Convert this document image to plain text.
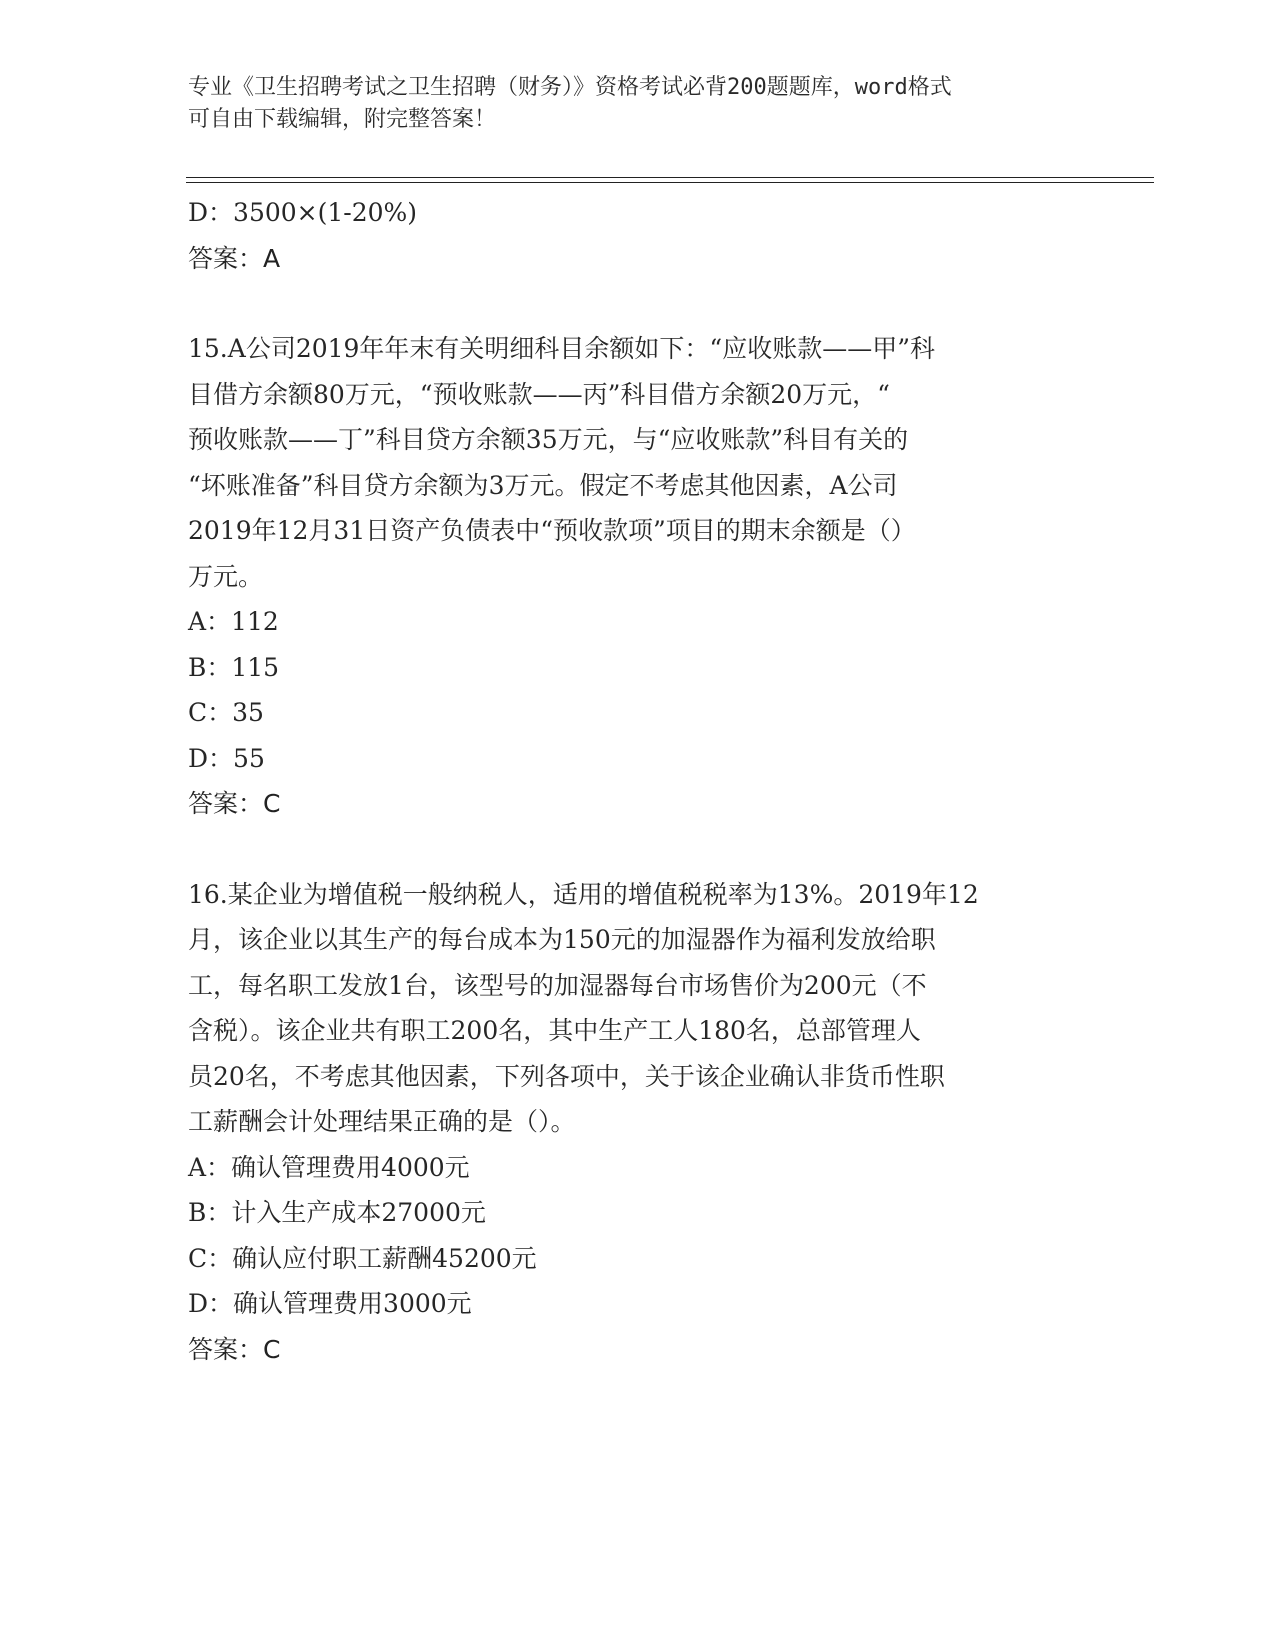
专业《卫生招聘考试之卫生招聘（财务）》资格考试必背200题题库，word格式
可自由下载编辑，附完整答案！
D：3500×(1-20%)
答案：A
15.A公司2019年年末有关明细科目余额如下：“应收账款——甲”科
目借方余额80万元，“预收账款——丙”科目借方余额20万元，“
预收账款——丁”科目贷方余额35万元，与“应收账款”科目有关的
“坏账准备”科目贷方余额为3万元。假定不考虑其他因素，A公司
2019年12月31日资产负债表中“预收款项”项目的期末余额是（）
万元。
A：112
B：115
C：35
D：55
答案：C
16.某企业为增值税一般纳税人，适用的增值税税率为13%。2019年12
月，该企业以其生产的每台成本为150元的加湿器作为福利发放给职
工，每名职工发放1台，该型号的加湿器每台市场售价为200元（不
含税）。该企业共有职工200名，其中生产工人180名，总部管理人
员20名，不考虑其他因素，下列各项中，关于该企业确认非货币性职
工薪酬会计处理结果正确的是（）。
A：确认管理费用4000元
B：计入生产成本27000元
C：确认应付职工薪酬45200元
D：确认管理费用3000元
答案：C
